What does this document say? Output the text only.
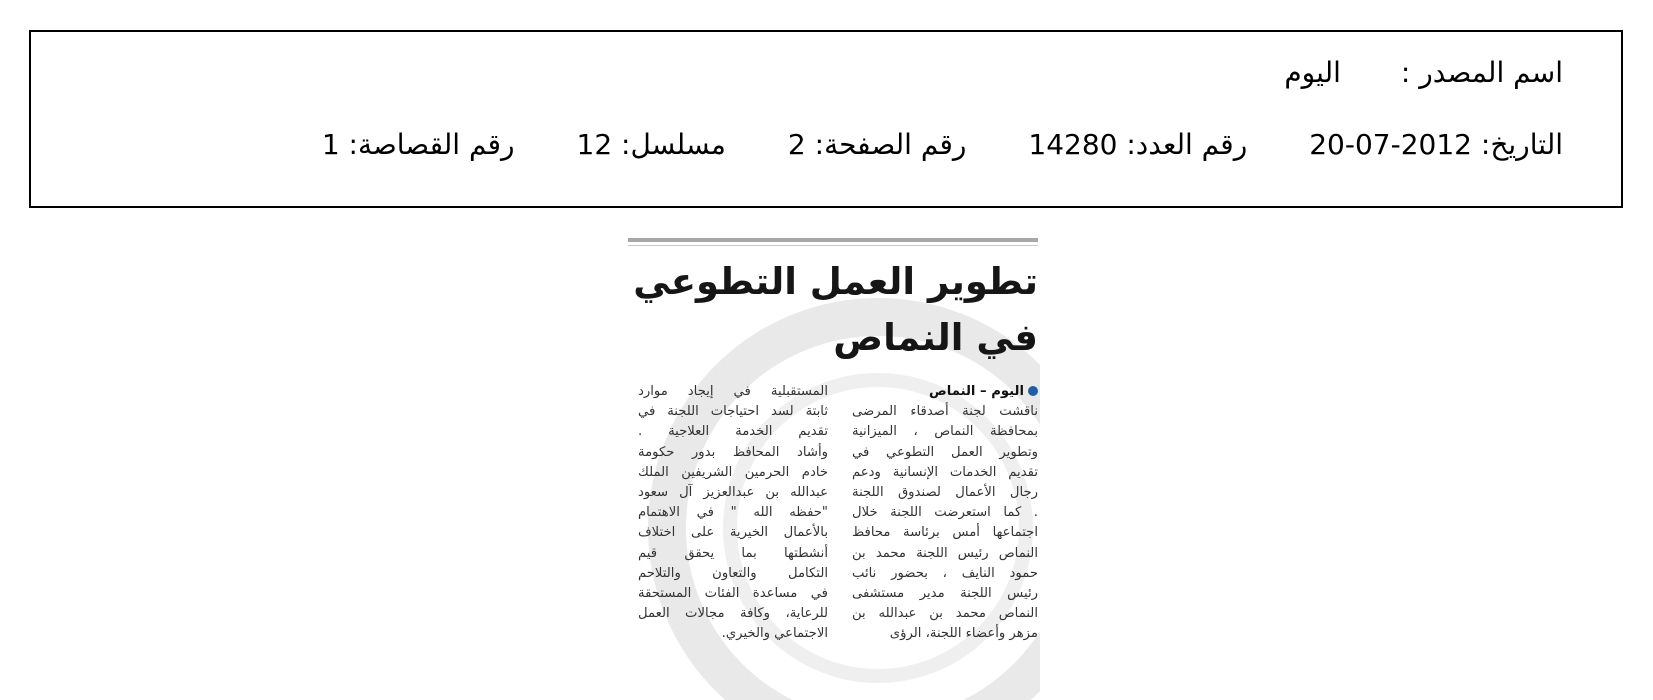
اسم المصدر :اليوم
التاريخ: 2012-07-20رقم العدد: 14280رقم الصفحة: 2مسلسل: 12رقم القصاصة: 1
تطوير العمل التطوعي
في النماص
اليوم – النماص
ناقشت لجنة أصدقاء المرضى
بمحافظة النماص ، الميزانية
وتطوير العمل التطوعي في
تقديم الخدمات الإنسانية ودعم
رجال الأعمال لصندوق اللجنة
. كما استعرضت اللجنة خلال
اجتماعها أمس برئاسة محافظ
النماص رئيس اللجنة محمد بن
حمود النايف ، بحضور نائب
رئيس اللجنة مدير مستشفى
النماص محمد بن عبدالله بن
مزهر وأعضاء اللجنة، الرؤى
المستقبلية في إيجاد موارد
ثابتة لسد احتياجات اللجنة في
تقديم الخدمة العلاجية .
وأشاد المحافظ بدور حكومة
خادم الحرمين الشريفين الملك
عبدالله بن عبدالعزيز آل سعود
"حفظه الله " في الاهتمام
بالأعمال الخيرية على اختلاف
أنشطتها بما يحقق قيم
التكامل والتعاون والتلاحم
في مساعدة الفئات المستحقة
للرعاية، وكافة مجالات العمل
الاجتماعي والخيري.
